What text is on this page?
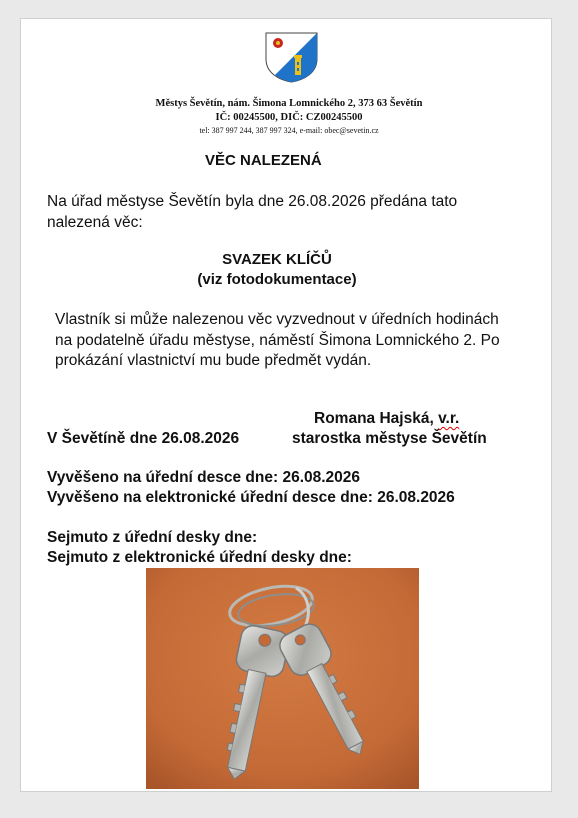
Městys Ševětín, nám. Šimona Lomnického 2, 373 63 Ševětín
IČ: 00245500, DIČ: CZ00245500
tel: 387 997 244, 387 997 324, e-mail: obec@sevetin.cz
VĚC NALEZENÁ
Na úřad městyse Ševětín byla dne 26.08.2026 předána tato nalezená věc:
SVAZEK KLÍČŮ
(viz fotodokumentace)
Vlastník si může nalezenou věc vyzvednout v úředních hodinách na podatelně úřadu městyse, náměstí Šimona Lomnického 2. Po prokázání vlastnictví mu bude předmět vydán.
Romana Hajská, v.r.
V Ševětíně dne 26.08.2026	starostka městyse Ševětín
Vyvěšeno na úřední desce dne: 26.08.2026
Vyvěšeno na elektronické úřední desce dne: 26.08.2026
Sejmuto z úřední desky dne:
Sejmuto z elektronické úřední desky dne:
